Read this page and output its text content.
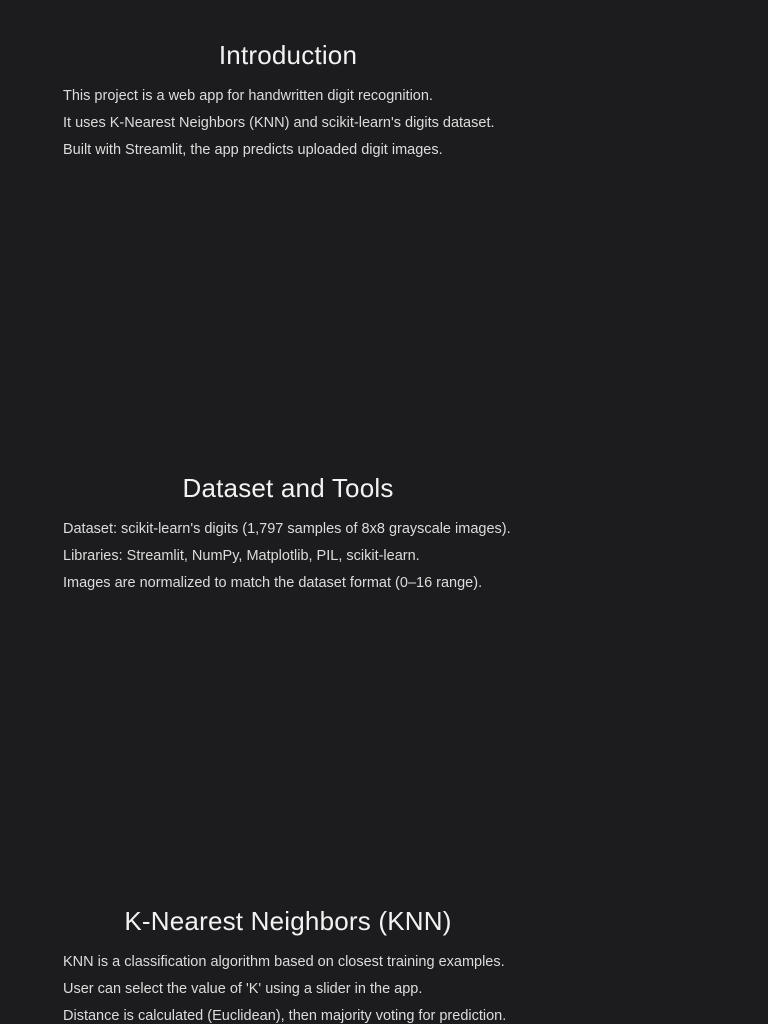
Introduction
This project is a web app for handwritten digit recognition.
It uses K-Nearest Neighbors (KNN) and scikit-learn's digits dataset.
Built with Streamlit, the app predicts uploaded digit images.
Dataset and Tools
Dataset: scikit-learn's digits (1,797 samples of 8x8 grayscale images).
Libraries: Streamlit, NumPy, Matplotlib, PIL, scikit-learn.
Images are normalized to match the dataset format (0–16 range).
K-Nearest Neighbors (KNN)
KNN is a classification algorithm based on closest training examples.
User can select the value of 'K' using a slider in the app.
Distance is calculated (Euclidean), then majority voting for prediction.
